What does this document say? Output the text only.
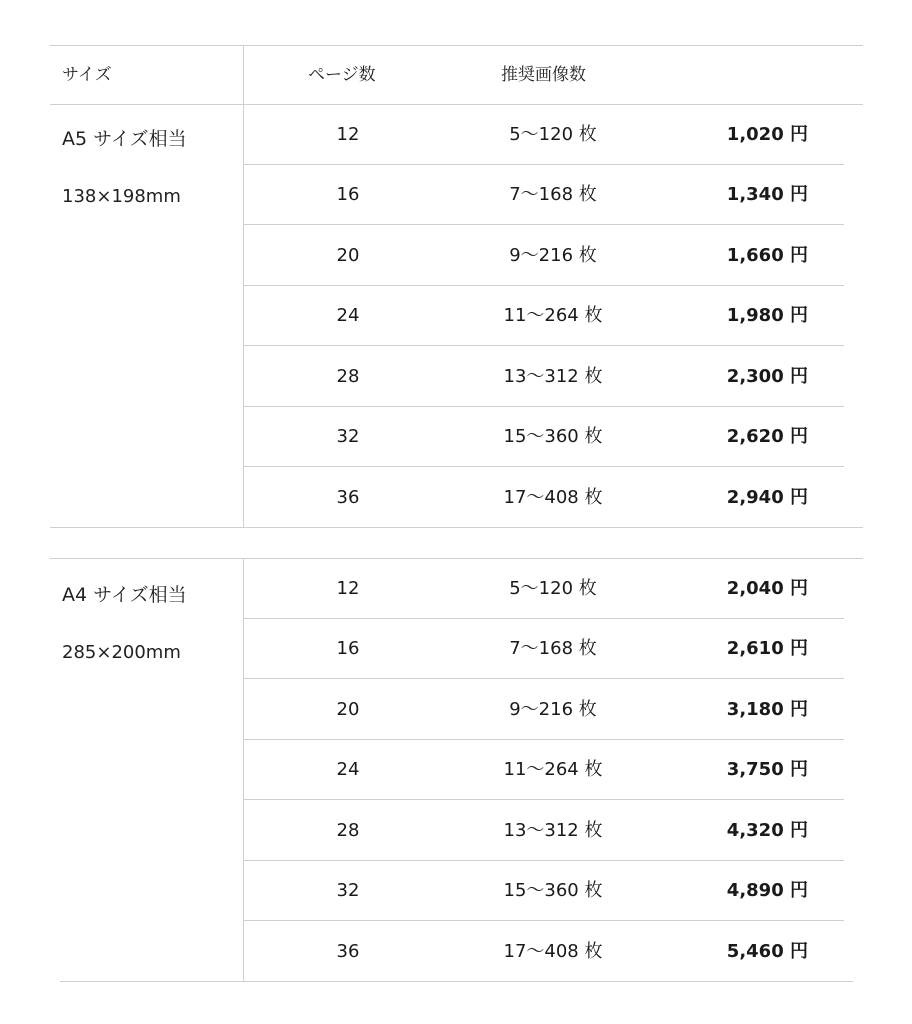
サイズ	ページ数	推奨画像数
A5 サイズ相当
138×198mm
12	5〜120 枚	1,020 円
16	7〜168 枚	1,340 円
20	9〜216 枚	1,660 円
24	11〜264 枚	1,980 円
28	13〜312 枚	2,300 円
32	15〜360 枚	2,620 円
36	17〜408 枚	2,940 円
A4 サイズ相当
285×200mm
12	5〜120 枚	2,040 円
16	7〜168 枚	2,610 円
20	9〜216 枚	3,180 円
24	11〜264 枚	3,750 円
28	13〜312 枚	4,320 円
32	15〜360 枚	4,890 円
36	17〜408 枚	5,460 円
